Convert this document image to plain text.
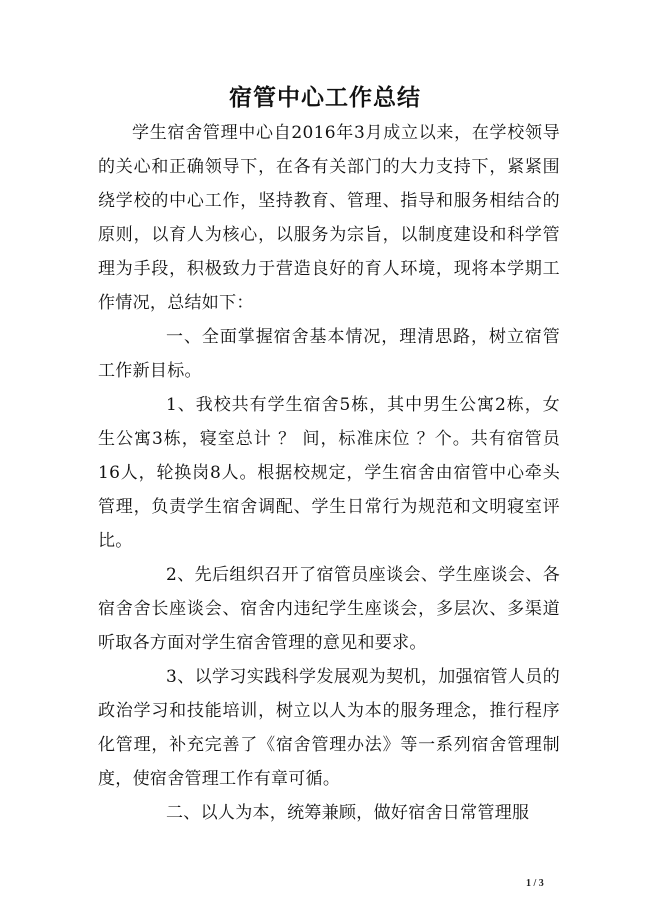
宿管中心工作总结

学生宿舍管理中心自2016年3月成立以来，在学校领导的关心和正确领导下，在各有关部门的大力支持下，紧紧围绕学校的中心工作，坚持教育、管理、指导和服务相结合的原则，以育人为核心，以服务为宗旨，以制度建设和科学管理为手段，积极致力于营造良好的育人环境，现将本学期工作情况，总结如下：

一、全面掌握宿舍基本情况，理清思路，树立宿管工作新目标。

1、我校共有学生宿舍5栋，其中男生公寓2栋，女生公寓3栋，寝室总计 ？ 间，标准床位 ？个。共有宿管员16人，轮换岗8人。根据校规定，学生宿舍由宿管中心牵头管理，负责学生宿舍调配、学生日常行为规范和文明寝室评比。

2、先后组织召开了宿管员座谈会、学生座谈会、各宿舍舍长座谈会、宿舍内违纪学生座谈会，多层次、多渠道听取各方面对学生宿舍管理的意见和要求。

3、以学习实践科学发展观为契机，加强宿管人员的政治学习和技能培训，树立以人为本的服务理念，推行程序化管理，补充完善了《宿舍管理办法》等一系列宿舍管理制度，使宿舍管理工作有章可循。

二、以人为本，统筹兼顾，做好宿舍日常管理服

1 / 3
